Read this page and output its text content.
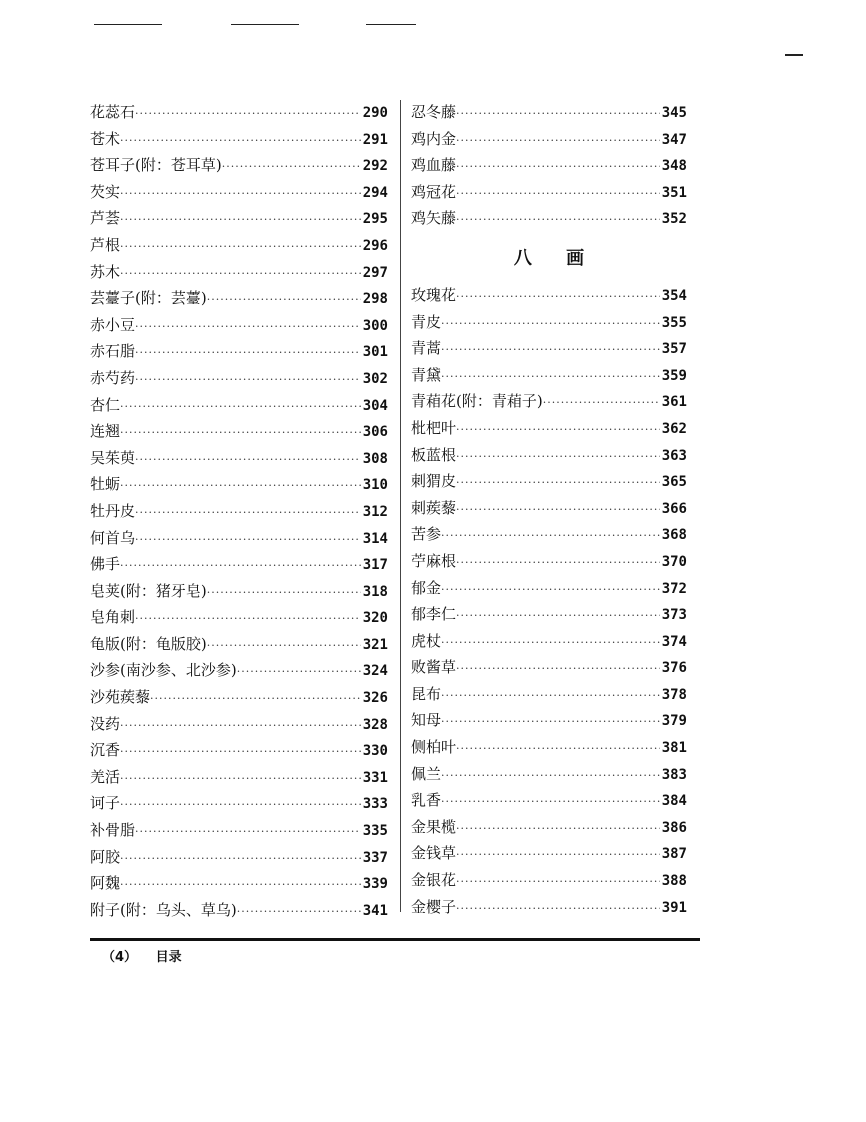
花蕊石 ·····	290
苍术 ·····	291
苍耳子(附：苍耳草) ·····	292
芡实 ·····	294
芦荟 ·····	295
芦根 ·····	296
苏木 ·····	297
芸薹子(附：芸薹) ·····	298
赤小豆 ·····	300
赤石脂 ·····	301
赤芍药 ·····	302
杏仁 ·····	304
连翘 ·····	306
吴茱萸 ·····	308
牡蛎 ·····	310
牡丹皮 ·····	312
何首乌 ·····	314
佛手 ·····	317
皂荚(附：猪牙皂) ·····	318
皂角刺 ·····	320
龟版(附：龟版胶) ·····	321
沙参(南沙参、北沙参) ·····	324
沙苑蒺藜 ·····	326
没药 ·····	328
沉香 ·····	330
羌活 ·····	331
诃子 ·····	333
补骨脂 ·····	335
阿胶 ·····	337
阿魏 ·····	339
附子(附：乌头、草乌) ·····	341
忍冬藤 ·····	345
鸡内金 ·····	347
鸡血藤 ·····	348
鸡冠花 ·····	351
鸡矢藤 ·····	352
八 画
玫瑰花 ·····	354
青皮 ·····	355
青蒿 ·····	357
青黛 ·····	359
青葙花(附：青葙子) ·····	361
枇杷叶 ·····	362
板蓝根 ·····	363
刺猬皮 ·····	365
刺蒺藜 ·····	366
苦参 ·····	368
苧麻根 ·····	370
郁金 ·····	372
郁李仁 ·····	373
虎杖 ·····	374
败酱草 ·····	376
昆布 ·····	378
知母 ·····	379
侧柏叶 ·····	381
佩兰 ·····	383
乳香 ·····	384
金果榄 ·····	386
金钱草 ·····	387
金银花 ·····	388
金樱子 ·····	391
（4） 目录
